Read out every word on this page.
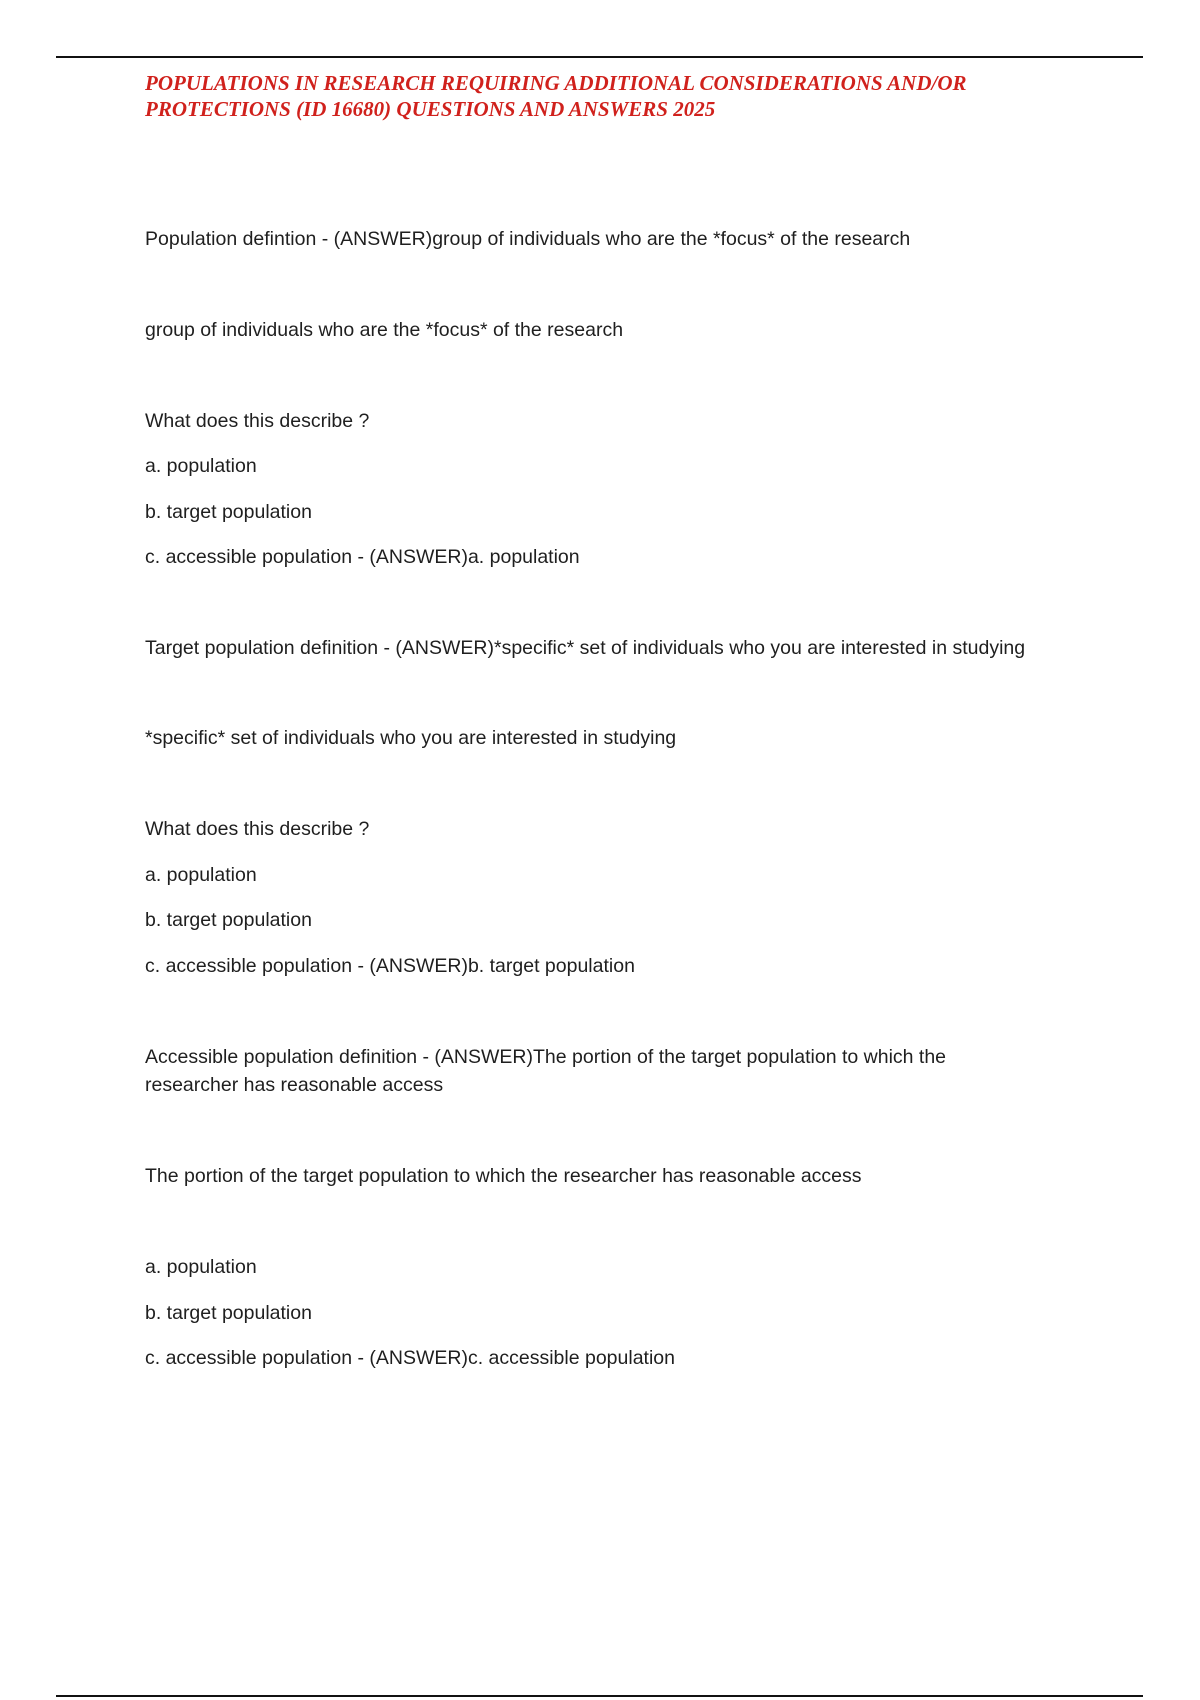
POPULATIONS IN RESEARCH REQUIRING ADDITIONAL CONSIDERATIONS AND/OR
PROTECTIONS (ID 16680) QUESTIONS AND ANSWERS 2025

Population defintion - (ANSWER)group of individuals who are the *focus* of the research

group of individuals who are the *focus* of the research

What does this describe ?

a. population

b. target population

c. accessible population - (ANSWER)a. population

Target population definition - (ANSWER)*specific* set of individuals who you are interested in studying

*specific* set of individuals who you are interested in studying

What does this describe ?

a. population

b. target population

c. accessible population - (ANSWER)b. target population

Accessible population definition - (ANSWER)The portion of the target population to which the researcher has reasonable access

The portion of the target population to which the researcher has reasonable access

a. population

b. target population

c. accessible population - (ANSWER)c. accessible population
